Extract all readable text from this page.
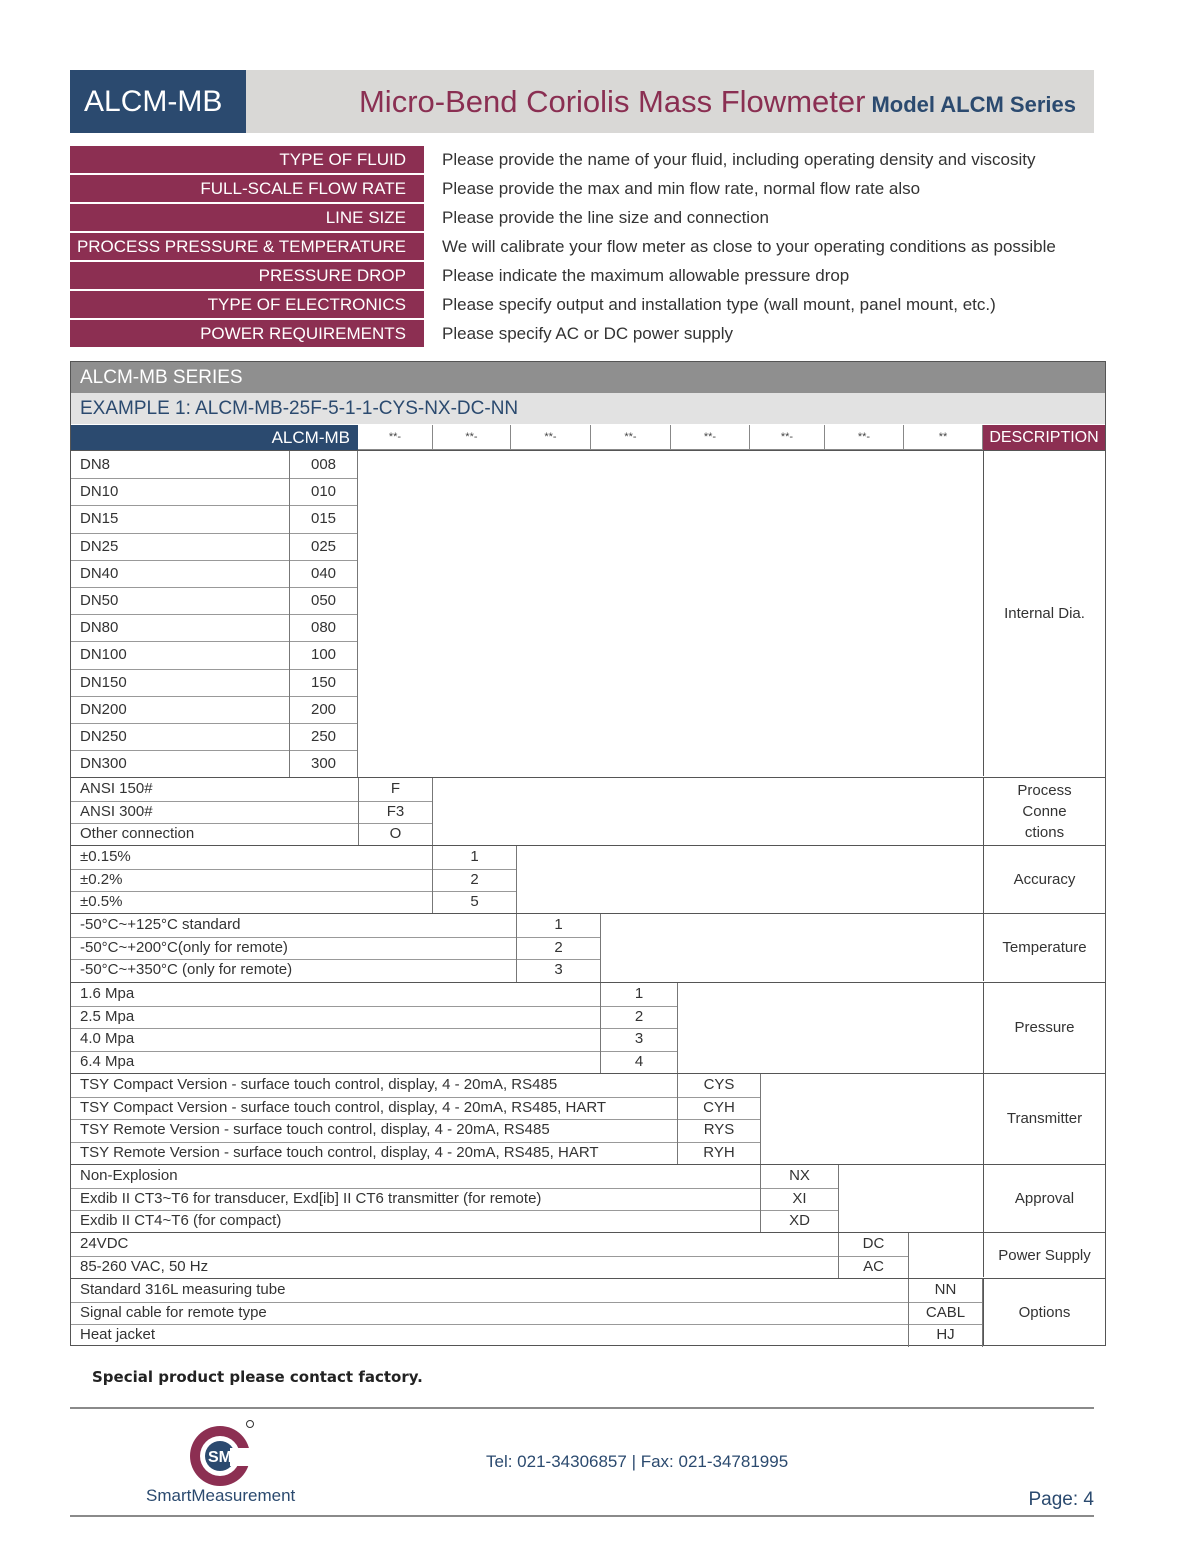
ALCM-MB	Micro-Bend Coriolis Mass Flowmeter Model ALCM Series
TYPE OF FLUID	Please provide the name of your fluid, including operating density and viscosity
FULL-SCALE FLOW RATE	Please provide the max and min flow rate, normal flow rate also
LINE SIZE	Please provide the line size and connection
PROCESS PRESSURE & TEMPERATURE	We will calibrate your flow meter as close to your operating conditions as possible
PRESSURE DROP	Please indicate the maximum allowable pressure drop
TYPE OF ELECTRONICS	Please specify output and installation type (wall mount, panel mount, etc.)
POWER REQUIREMENTS	Please specify AC or DC power supply
ALCM-MB SERIES
EXAMPLE 1: ALCM-MB-25F-5-1-1-CYS-NX-DC-NN
ALCM-MB	DESCRIPTION
**-	**-	**-	**-	**-	**-	**-	**
DN8	008
DN10	010
DN15	015
DN25	025
DN40	040
DN50	050
DN80	080
DN100	100
DN150	150
DN200	200
DN250	250
DN300	300
Internal Dia.
ANSI 150#	F
ANSI 300#	F3
Other connection	O
Process Conne ctions
±0.15%	1
±0.2%	2
±0.5%	5
Accuracy
-50°C~+125°C standard	1
-50°C~+200°C(only for remote)	2
-50°C~+350°C (only for remote)	3
Temperature
1.6 Mpa	1
2.5 Mpa	2
4.0 Mpa	3
6.4 Mpa	4
Pressure
TSY Compact Version - surface touch control, display, 4 - 20mA, RS485	CYS
TSY Compact Version - surface touch control, display, 4 - 20mA, RS485, HART	CYH
TSY Remote Version - surface touch control, display, 4 - 20mA, RS485	RYS
TSY Remote Version - surface touch control, display, 4 - 20mA, RS485, HART	RYH
Transmitter
Non-Explosion	NX
Exdib II CT3~T6 for transducer, Exd[ib] II CT6 transmitter (for remote)	XI
Exdib II CT4~T6 (for compact)	XD
Approval
24VDC	DC
85-260 VAC, 50 Hz	AC
Power Supply
Standard 316L measuring tube	NN
Signal cable for remote type	CABL
Heat jacket	HJ
Options
Special product please contact factory.
SM
SmartMeasurement
Tel: 021-34306857 | Fax: 021-34781995
Page: 4
